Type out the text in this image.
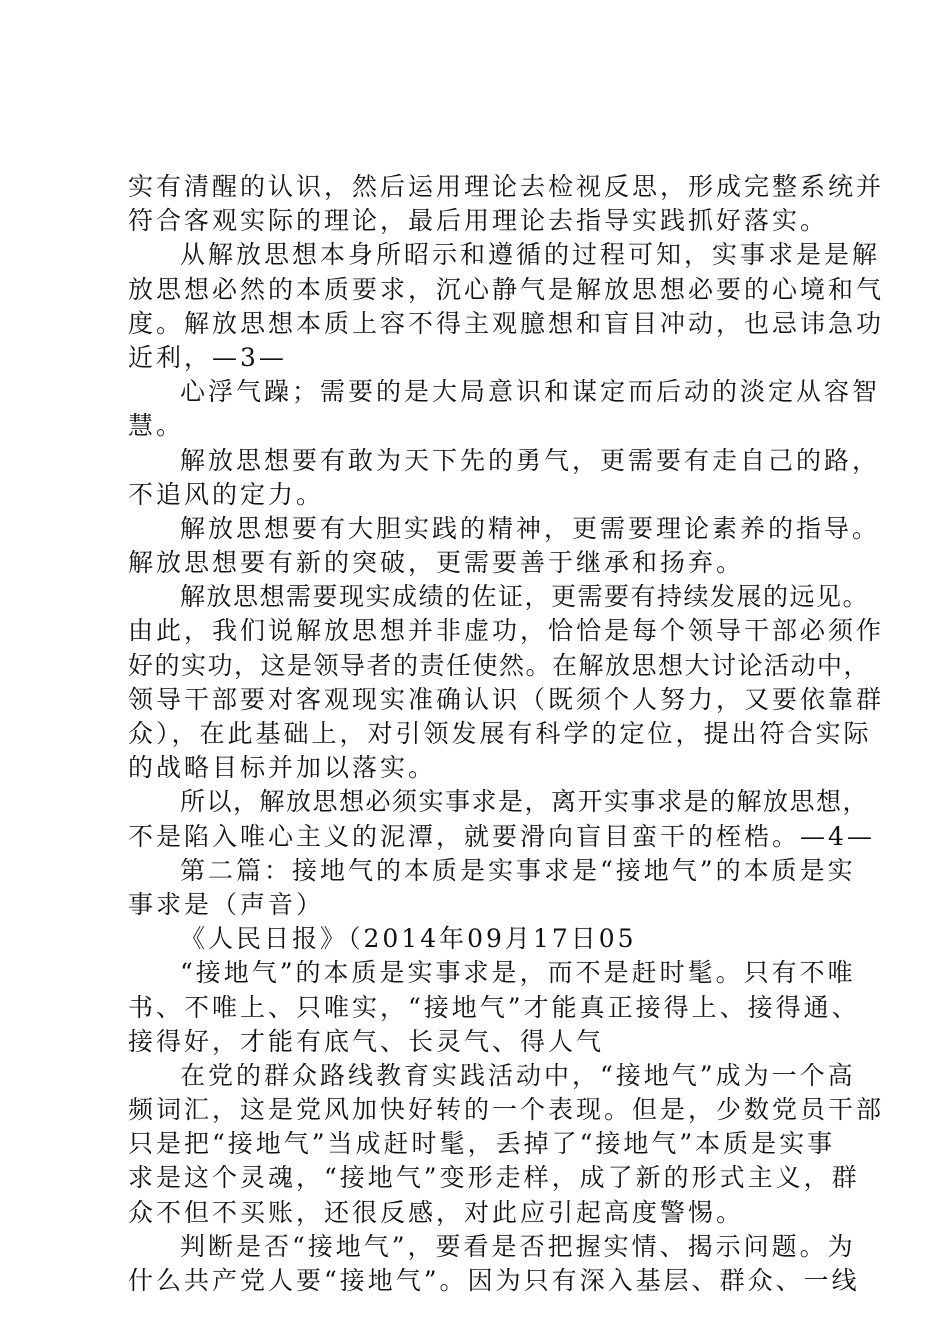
实有清醒的认识，然后运用理论去检视反思，形成完整系统并
符合客观实际的理论，最后用理论去指导实践抓好落实。
从解放思想本身所昭示和遵循的过程可知，实事求是是解
放思想必然的本质要求，沉心静气是解放思想必要的心境和气
度。解放思想本质上容不得主观臆想和盲目冲动，也忌讳急功
近利，—3—
心浮气躁；需要的是大局意识和谋定而后动的淡定从容智
慧。
解放思想要有敢为天下先的勇气，更需要有走自己的路，
不追风的定力。
解放思想要有大胆实践的精神，更需要理论素养的指导。
解放思想要有新的突破，更需要善于继承和扬弃。
解放思想需要现实成绩的佐证，更需要有持续发展的远见。
由此，我们说解放思想并非虚功，恰恰是每个领导干部必须作
好的实功，这是领导者的责任使然。在解放思想大讨论活动中，
领导干部要对客观现实准确认识（既须个人努力，又要依靠群
众），在此基础上，对引领发展有科学的定位，提出符合实际
的战略目标并加以落实。
所以，解放思想必须实事求是，离开实事求是的解放思想，
不是陷入唯心主义的泥潭，就要滑向盲目蛮干的桎梏。—4—
第二篇：接地气的本质是实事求是“接地气”的本质是实
事求是（声音）
《人民日报》（2014年09月17日05
“接地气”的本质是实事求是，而不是赶时髦。只有不唯
书、不唯上、只唯实，“接地气”才能真正接得上、接得通、
接得好，才能有底气、长灵气、得人气
在党的群众路线教育实践活动中，“接地气”成为一个高
频词汇，这是党风加快好转的一个表现。但是，少数党员干部
只是把“接地气”当成赶时髦，丢掉了“接地气”本质是实事
求是这个灵魂，“接地气”变形走样，成了新的形式主义，群
众不但不买账，还很反感，对此应引起高度警惕。
判断是否“接地气”，要看是否把握实情、揭示问题。为
什么共产党人要“接地气”。因为只有深入基层、群众、一线
